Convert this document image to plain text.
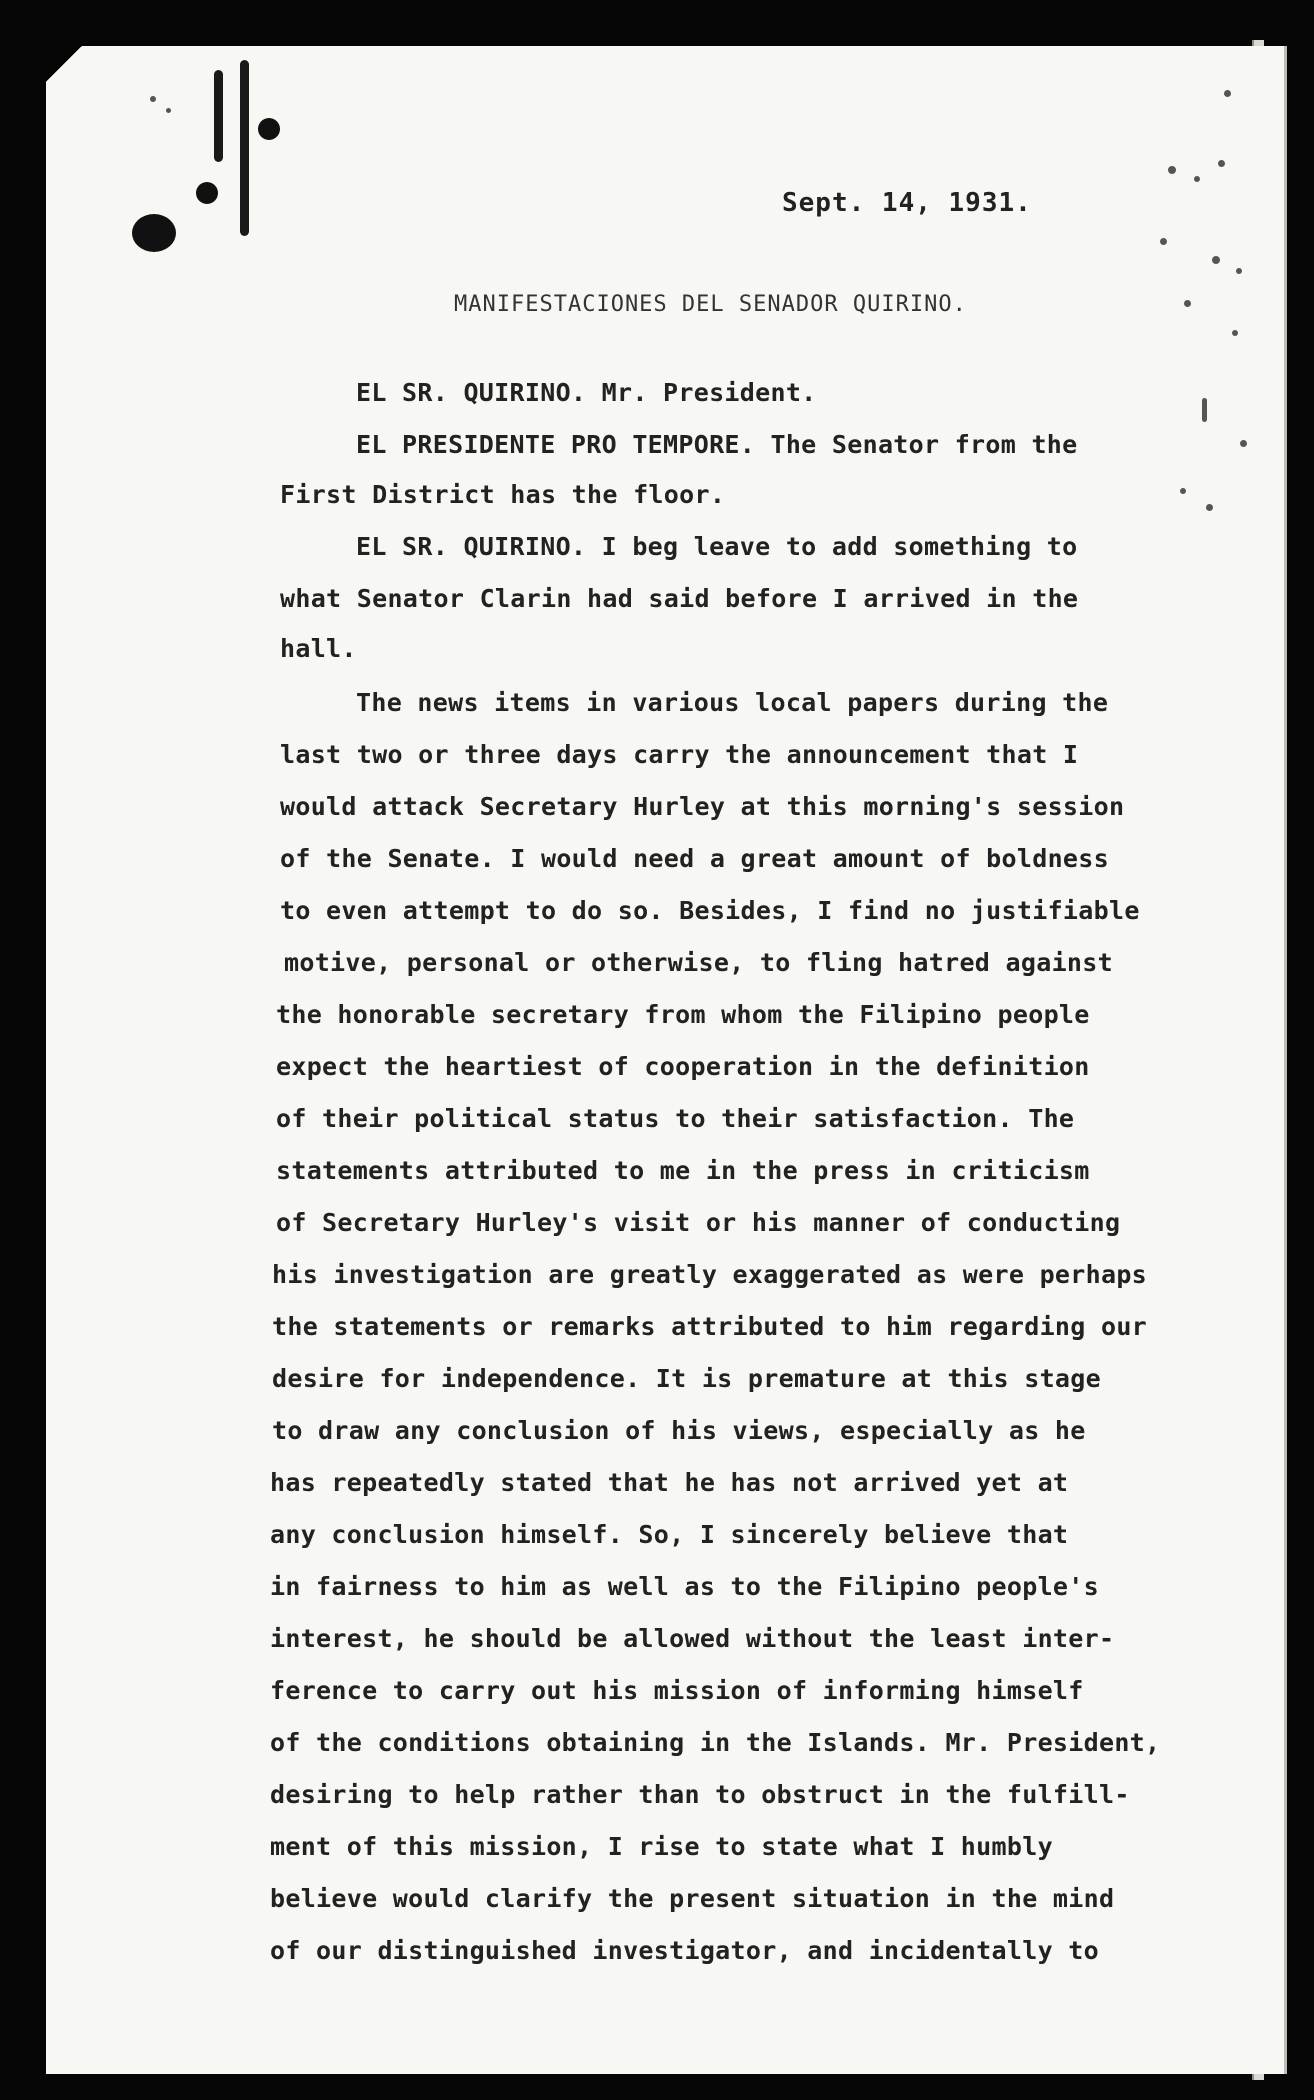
Sept. 14, 1931.
MANIFESTACIONES DEL SENADOR QUIRINO.
EL SR. QUIRINO. Mr. President.
EL PRESIDENTE PRO TEMPORE. The Senator from the
First District has the floor.
EL SR. QUIRINO. I beg leave to add something to
what Senator Clarin had said before I arrived in the
hall.
The news items in various local papers during the
last two or three days carry the announcement that I
would attack Secretary Hurley at this morning's session
of the Senate. I would need a great amount of boldness
to even attempt to do so. Besides, I find no justifiable
motive, personal or otherwise, to fling hatred against
the honorable secretary from whom the Filipino people
expect the heartiest of cooperation in the definition
of their political status to their satisfaction. The
statements attributed to me in the press in criticism
of Secretary Hurley's visit or his manner of conducting
his investigation are greatly exaggerated as were perhaps
the statements or remarks attributed to him regarding our
desire for independence. It is premature at this stage
to draw any conclusion of his views, especially as he
has repeatedly stated that he has not arrived yet at
any conclusion himself. So, I sincerely believe that
in fairness to him as well as to the Filipino people's
interest, he should be allowed without the least inter-
ference to carry out his mission of informing himself
of the conditions obtaining in the Islands. Mr. President,
desiring to help rather than to obstruct in the fulfill-
ment of this mission, I rise to state what I humbly
believe would clarify the present situation in the mind
of our distinguished investigator, and incidentally to
